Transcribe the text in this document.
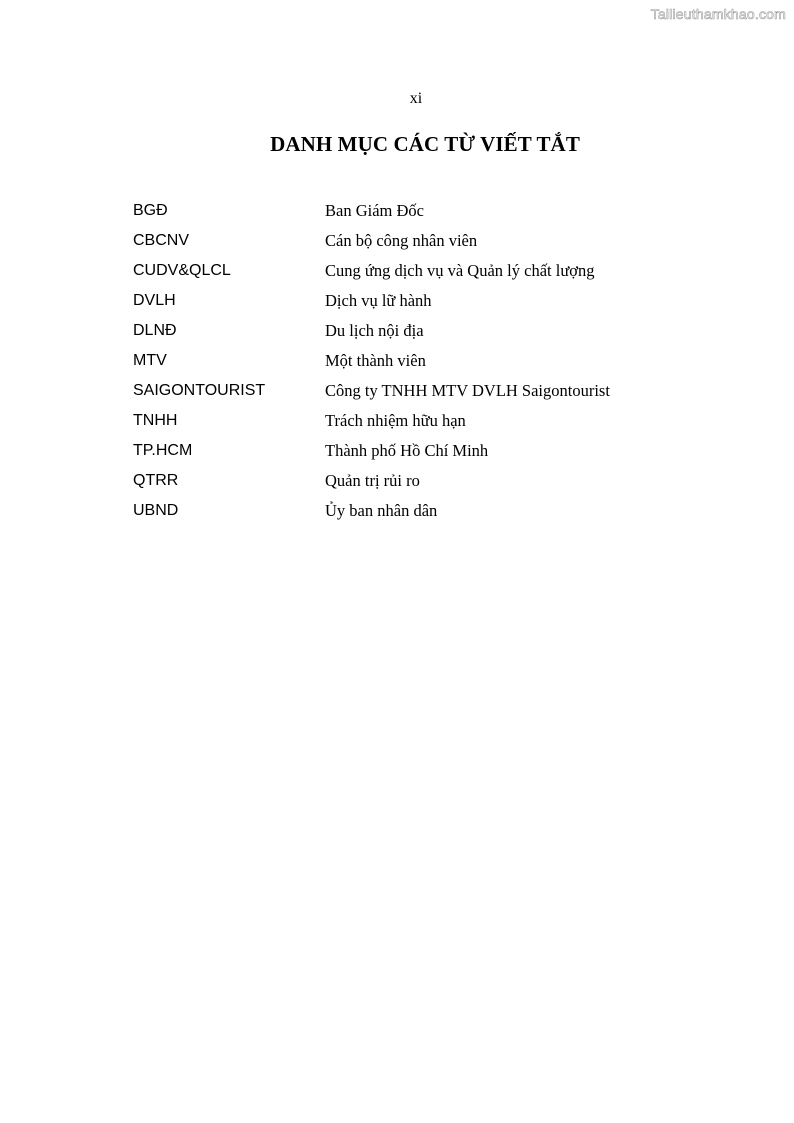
Tailieuthamkhao.com
xi
DANH MỤC CÁC TỪ VIẾT TẮT
BGĐ	Ban Giám Đốc
CBCNV	Cán bộ công nhân viên
CUDV&QLCL	Cung ứng dịch vụ và Quản lý chất lượng
DVLH	Dịch vụ lữ hành
DLNĐ	Du lịch nội địa
MTV	Một thành viên
SAIGONTOURIST	Công ty TNHH MTV DVLH Saigontourist
TNHH	Trách nhiệm hữu hạn
TP.HCM	Thành phố Hồ Chí Minh
QTRR	Quản trị rủi ro
UBND	Ủy ban nhân dân
